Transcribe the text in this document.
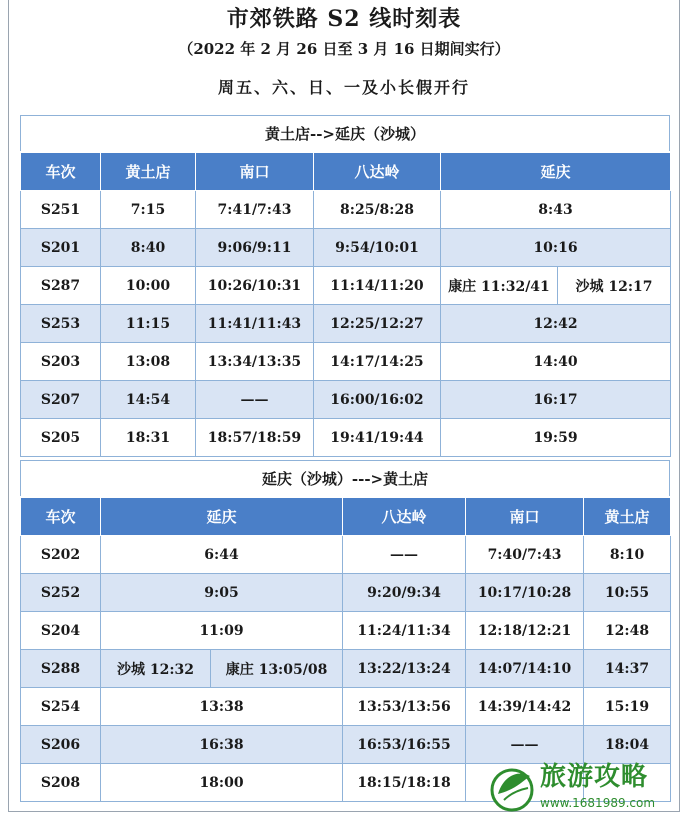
市郊铁路 S2 线时刻表
（2022 年 2 月 26 日至 3 月 16 日期间实行）
周五、六、日、一及小长假开行
黄土店-->延庆（沙城）
车次	黄土店	南口	八达岭	延庆	
S251	7:15	7:41/7:43	8:25/8:28	8:43	
S201	8:40	9:06/9:11	9:54/10:01	10:16	
S287	10:00	10:26/10:31	11:14/11:20	康庄 11:32/41	沙城 12:17
S253	11:15	11:41/11:43	12:25/12:27	12:42	
S203	13:08	13:34/13:35	14:17/14:25	14:40	
S207	14:54	——	16:00/16:02	16:17	
S205	18:31	18:57/18:59	19:41/19:44	19:59	
延庆（沙城）--->黄土店
车次	延庆		八达岭	南口	黄土店
S202	6:44		——	7:40/7:43	8:10
S252	9:05		9:20/9:34	10:17/10:28	10:55
S204	11:09		11:24/11:34	12:18/12:21	12:48
S288	沙城 12:32	康庄 13:05/08	13:22/13:24	14:07/14:10	14:37
S254	13:38		13:53/13:56	14:39/14:42	15:19
S206	16:38		16:53/16:55	——	18:04
S208	18:00		18:15/18:18			旅游攻略
www.1681989.com
